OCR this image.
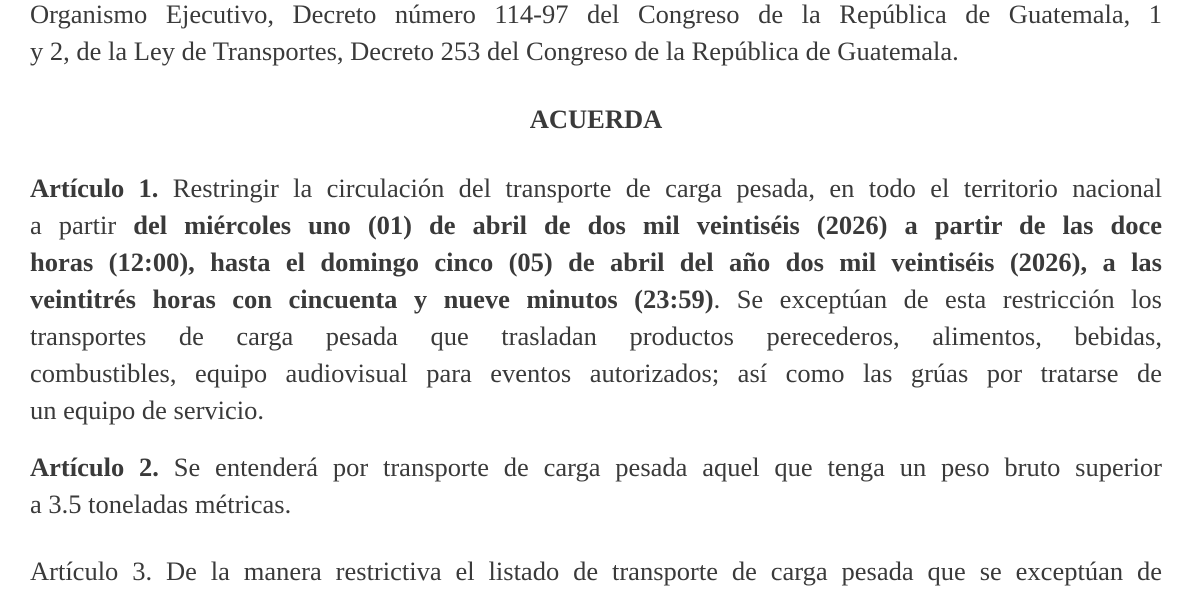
Organismo Ejecutivo, Decreto número 114-97 del Congreso de la República de Guatemala, 1
y 2, de la Ley de Transportes, Decreto 253 del Congreso de la República de Guatemala.
ACUERDA
Artículo 1. Restringir la circulación del transporte de carga pesada, en todo el territorio nacional
a partir del miércoles uno (01) de abril de dos mil veintiséis (2026) a partir de las doce
horas (12:00), hasta el domingo cinco (05) de abril del año dos mil veintiséis (2026), a las
veintitrés horas con cincuenta y nueve minutos (23:59). Se exceptúan de esta restricción los
transportes de carga pesada que trasladan productos perecederos, alimentos, bebidas,
combustibles, equipo audiovisual para eventos autorizados; así como las grúas por tratarse de
un equipo de servicio.
Artículo 2. Se entenderá por transporte de carga pesada aquel que tenga un peso bruto superior
a 3.5 toneladas métricas.
Artículo 3. De la manera restrictiva el listado de transporte de carga pesada que se exceptúan de
